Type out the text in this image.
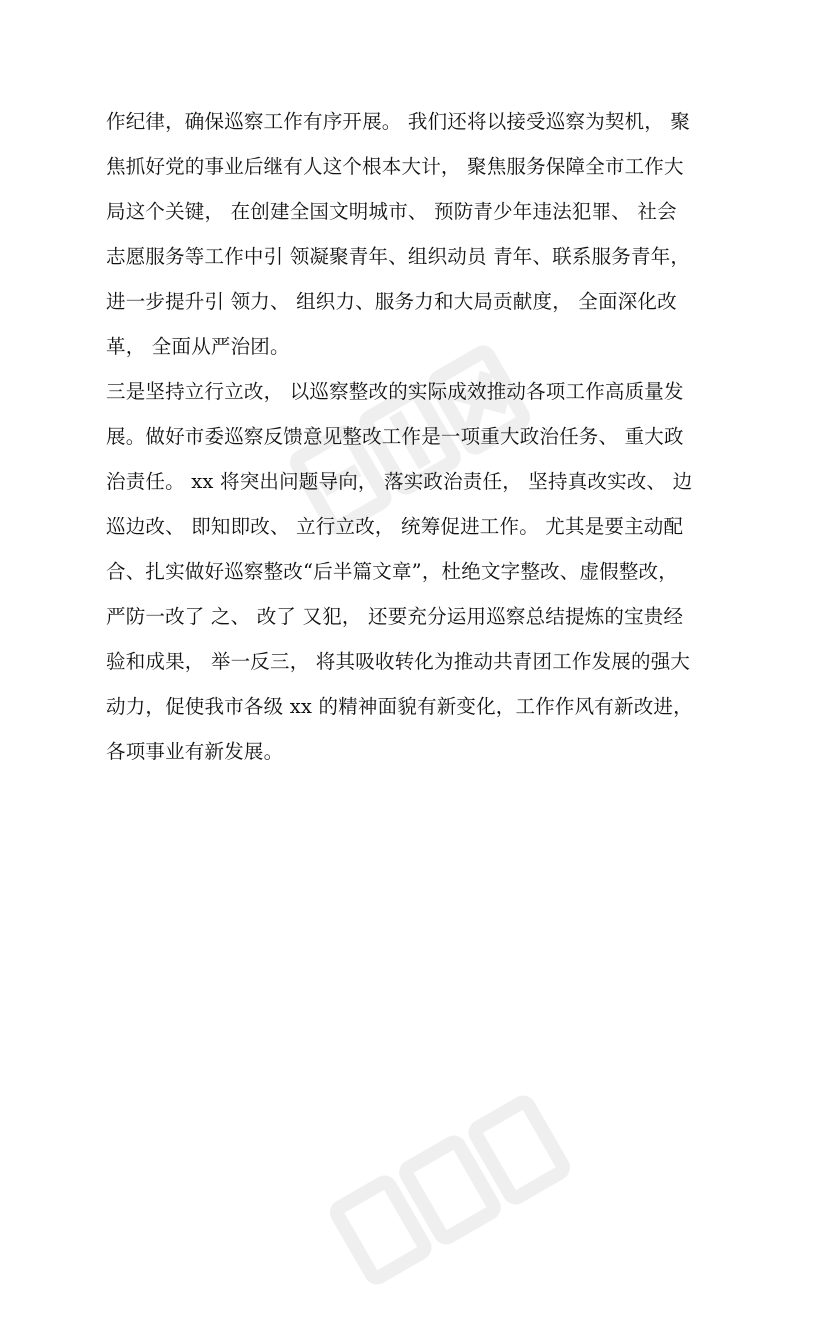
作纪律，确保巡察工作有序开展。 我们还将以接受巡察为契机， 聚
焦抓好党的事业后继有人这个根本大计， 聚焦服务保障全市工作大
局这个关键， 在创建全国文明城市、 预防青少年违法犯罪、 社会
志愿服务等工作中引 领凝聚青年、组织动员 青年、联系服务青年，
进一步提升引 领力、 组织力、服务力和大局贡献度， 全面深化改
革， 全面从严治团。
三是坚持立行立改， 以巡察整改的实际成效推动各项工作高质量发
展。做好市委巡察反馈意见整改工作是一项重大政治任务、 重大政
治责任。 xx 将突出问题导向， 落实政治责任， 坚持真改实改、 边
巡边改、 即知即改、 立行立改， 统筹促进工作。 尤其是要主动配
合、扎实做好巡察整改“后半篇文章”，杜绝文字整改、虚假整改，
严防一改了 之、 改了 又犯， 还要充分运用巡察总结提炼的宝贵经
验和成果， 举一反三， 将其吸收转化为推动共青团工作发展的强大
动力，促使我市各级 xx 的精神面貌有新变化，工作作风有新改进，
各项事业有新发展。
